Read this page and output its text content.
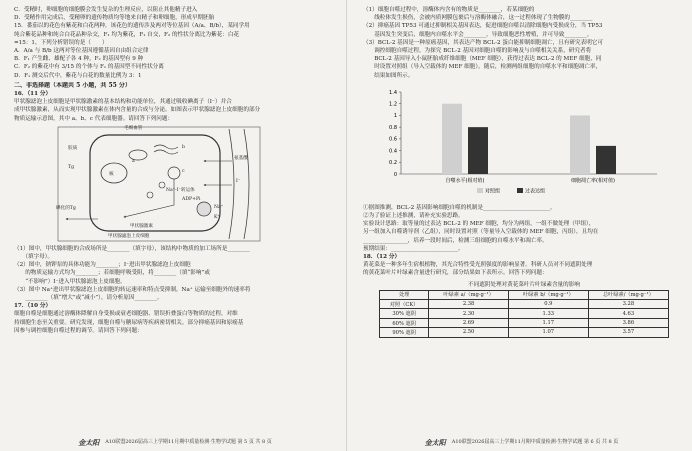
C．受精时，卵细胞的细胞膜会发生复杂的生理反应，以阻止其他精子进入

D．受精作用完成后，受精卵的遗传物质均等地来自精子和卵细胞，形成早期胚胎

15．番茄以的花色有紫花和白花两种，该花色的遗传涉及两对等位基因（A/a、B/b），某同学用

纯合紫花品种和纯合白花品种杂交，F₁ 均为紫花，F₁ 自交，F₂ 的性状分离比为紫花：白花

=15：1，下列分析错误的是（　　）

A．A/a 与 B/b 这两对等位基因遵循基因自由组合定律

B．F₁ 产生雌、雄配子各 4 种，F₂ 的基因型有 9 种

C．F₂ 的紫花中有 3/15 的个体与 F₁ 的基因型不同性状分离

D．F₁ 测交后代中，紫花与白花的数量比例为 3：1

二、非选择题（本题共 5 小题，共 55 分）

16．（11 分）

甲状腺滤泡上皮细胞是甲状腺激素的基本结构和功能单位，其通过吸收碘离子（I⁻）并合

成甲状腺激素，从而实现甲状腺激素在体内含量的合成与分泌。如图表示甲状腺滤泡上皮细胞的部分

物质运输示意图，其中 a、b、c 代表细胞器。请回答下列问题：

毛细血管
胶质
Tg
氨基酸
I⁻
a
b
c
核
Na⁺-I⁻转运体
ADP+Pi
Na⁺
K⁺
碘化的Tg
甲状腺激素
甲状腺滤泡上皮细胞

（1）图中，甲状腺细胞的合成场所是________（填字母），该结构中物质的加工场所是________

　　（填字母）。

（2）图中，钠钾泵的具体功能为________；I⁻进出甲状腺滤泡上皮细胞

　　的物质运输方式均为________；若细胞呼吸受阻，将________（填“影响”或

　　“不影响”）I⁻进入甲状腺滤泡上皮细胞。

（3）图中 Na⁺进出甲状腺滤泡上皮细胞的转运速率和特点受抑制，Na⁺ 运输至细胞外的速率将

　　________（填“增大”或“减小”），请分析原因________。

17．（10 分）

细胞自噬是细胞通过溶酶体降解自身受损或衰老细胞器、错误折叠蛋白等物质的过程，对维

持细胞生态至关重要。研究发现，细胞自噬与糖尿病等疾病密切相关。部分抑癌基因和原癌基

因参与调控细胞自噬过程的调节。请回答下列问题：

金太阳 A10联盟2026届高三上学期11月期中质量检测·生物学试题 第 5 页 共 8 页

（1）细胞自噬过程中，溶酶体内含有的物质是________，若某细胞的

　　线粒体发生损伤，会被内质网膜包裹后与溶酶体融合，这一过程体现了生物膜的________

（2）抑癌基因 TP53 可通过抑制相关基因表达，促进细胞自噬以清除细胞内受损成分，当 TP53

　　基因发生突变后，细胞内自噬水平会________，导致细胞恶性增殖，并可导致________。

（3）BCL-2 基因是一种原癌基因，其表达产物 BCL-2 蛋白能抑制细胞凋亡，且有研究表明它可

　　调控细胞自噬过程。为探究 BCL-2 基因对细胞自噬的影响及与自噬相关关系，研究者将

　　BCL-2 基因导入小鼠胚胎成纤维细胞（MEF 细胞），获得过表达 BCL-2 的 MEF 细胞，同

　　时设置对照组（导入空载体的 MEF 细胞），随后，检测两组细胞的自噬水平和细胞凋亡率，

　　结果如图所示。

1.4
1.2
1
0.8
0.6
0.4
0.2
0
自噬水平(相对值)	细胞凋亡率(相对值)
对照组	过表达组

①据图推测，BCL-2 基因影响细胞自噬的机制是________________________。

②为了验证上述推测，请补充实验思路。

实验设计思路：取等量的过表达 BCL-2 的 MEF 细胞，均分为两组，一组不做处理（甲组），

另一组加入自噬诱导剂（乙组），同时设置对照（等量导入空载体的 MEF 细胞，丙组），且均在

________________，培养一段时间后，检测三组细胞的自噬水平和凋亡率。

预期结果：________________________。

18．（12 分）

黄花菜是一种多年生宿根植物，其光合特性受光照强度的影响显著。科研人员对不同遮阴处理

的黄花菜叶片叶绿素含量进行研究，部分结果如下表所示。回答下列问题：

不同遮阴处理对黄花菜叶片叶绿素含量的影响
处理	叶绿素 a/（mg·g⁻¹）	叶绿素 b/（mg·g⁻¹）	总叶绿素/（mg·g⁻¹）
对照（CK）	2.38	0.9	3.28
30% 遮阴	2.30	1.33	4.63
60% 遮阴	2.69	1.17	3.86
90% 遮阴	2.50	1.07	3.57
金太阳 A10联盟2026届高三上学期11月期中质量检测·生物学试题 第 6 页 共 8 页
